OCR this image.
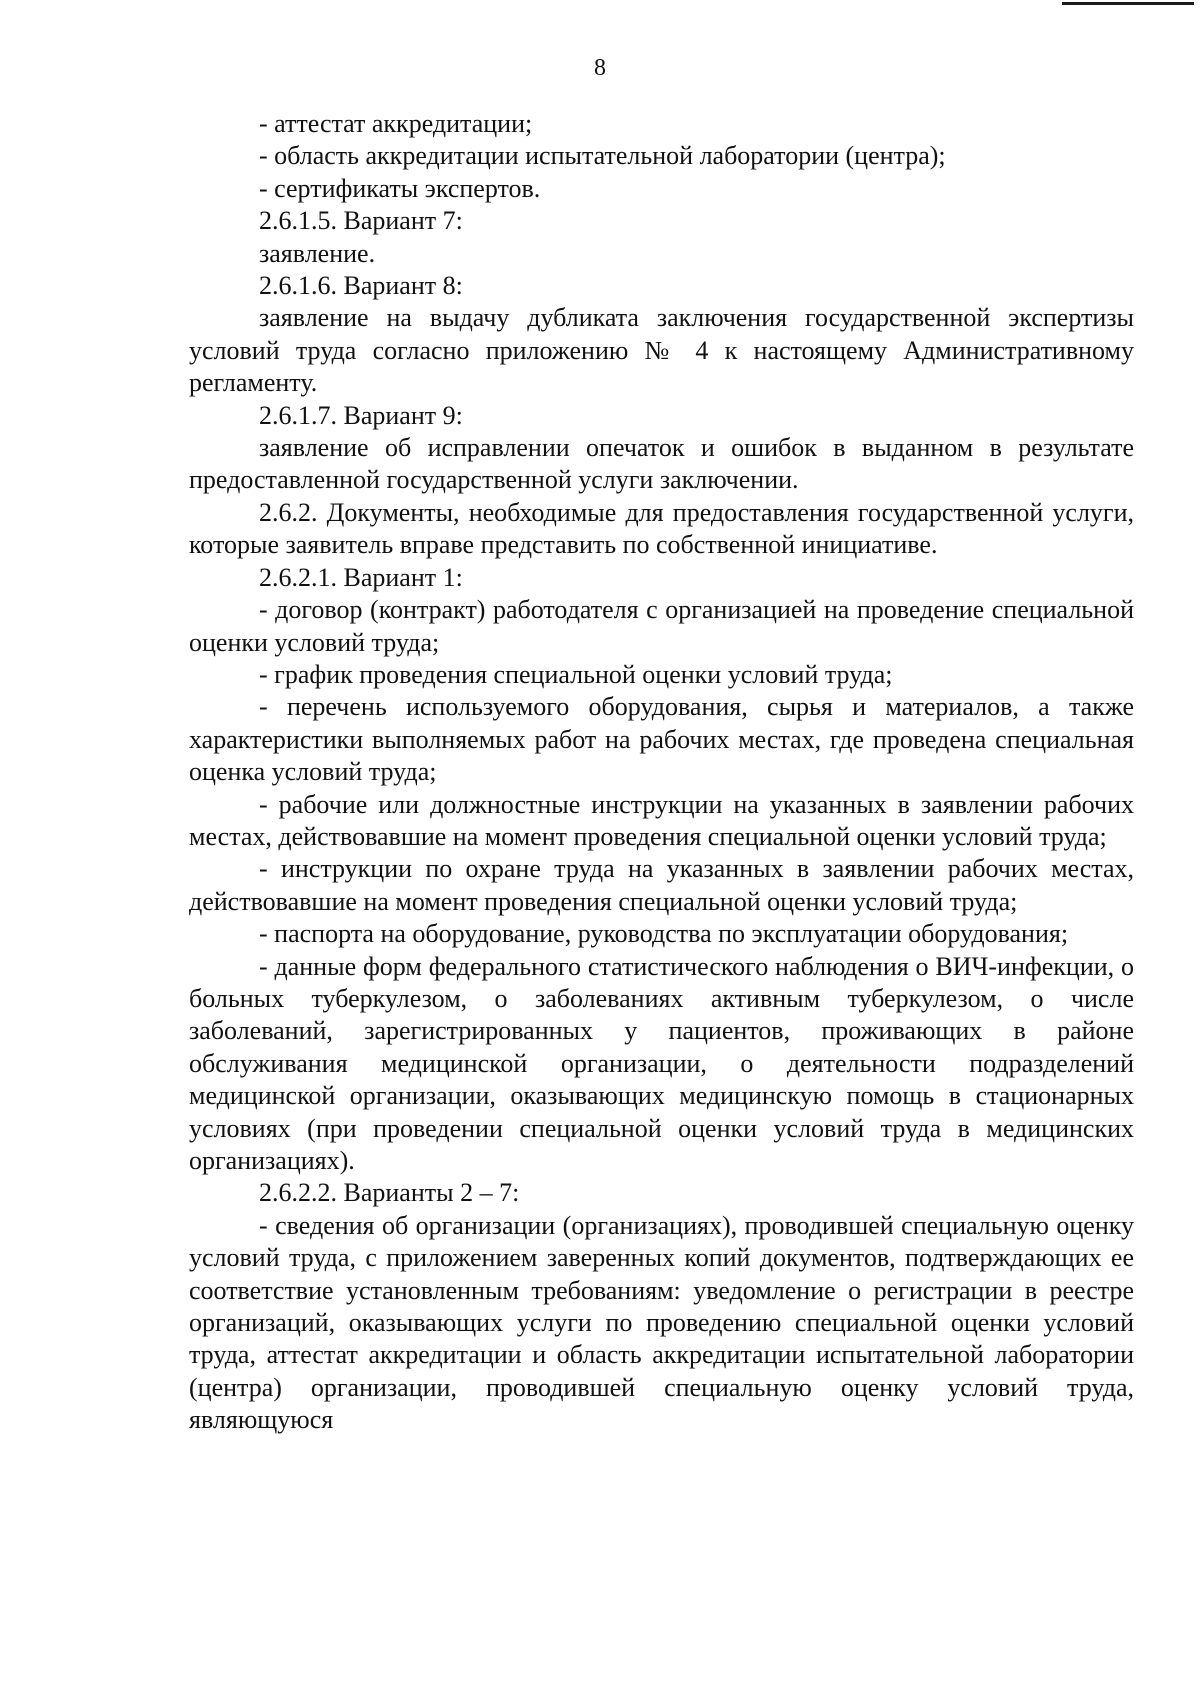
8

- аттестат аккредитации;

- область аккредитации испытательной лаборатории (центра);

- сертификаты экспертов.

2.6.1.5. Вариант 7:

заявление.

2.6.1.6. Вариант 8:

заявление на выдачу дубликата заключения государственной экспертизы условий труда согласно приложению № 4 к настоящему Административному регламенту.

2.6.1.7. Вариант 9:

заявление об исправлении опечаток и ошибок в выданном в результате предоставленной государственной услуги заключении.

2.6.2. Документы, необходимые для предоставления государственной услуги, которые заявитель вправе представить по собственной инициативе.

2.6.2.1. Вариант 1:

- договор (контракт) работодателя с организацией на проведение специальной оценки условий труда;

- график проведения специальной оценки условий труда;

- перечень используемого оборудования, сырья и материалов, а также характеристики выполняемых работ на рабочих местах, где проведена специальная оценка условий труда;

- рабочие или должностные инструкции на указанных в заявлении рабочих местах, действовавшие на момент проведения специальной оценки условий труда;

- инструкции по охране труда на указанных в заявлении рабочих местах, действовавшие на момент проведения специальной оценки условий труда;

- паспорта на оборудование, руководства по эксплуатации оборудования;

- данные форм федерального статистического наблюдения о ВИЧ-инфекции, о больных туберкулезом, о заболеваниях активным туберкулезом, о числе заболеваний, зарегистрированных у пациентов, проживающих в районе обслуживания медицинской организации, о деятельности подразделений медицинской организации, оказывающих медицинскую помощь в стационарных условиях (при проведении специальной оценки условий труда в медицинских организациях).

2.6.2.2. Варианты 2 – 7:

- сведения об организации (организациях), проводившей специальную оценку условий труда, с приложением заверенных копий документов, подтверждающих ее соответствие установленным требованиям: уведомление о регистрации в реестре организаций, оказывающих услуги по проведению специальной оценки условий труда, аттестат аккредитации и область аккредитации испытательной лаборатории (центра) организации, проводившей специальную оценку условий труда, являющуюся
